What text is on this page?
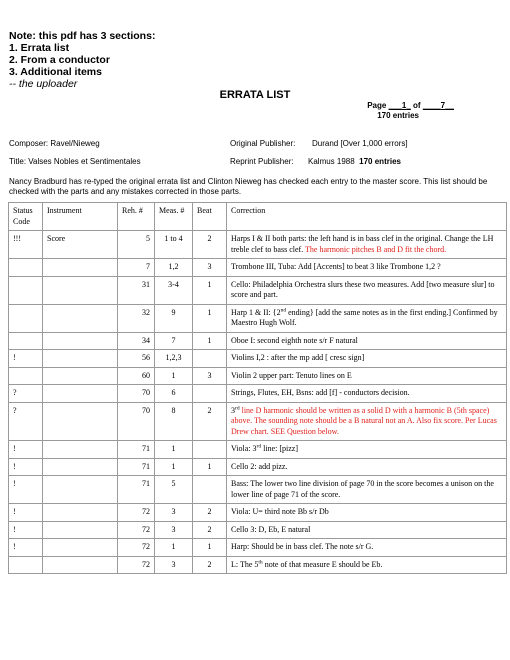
Note: this pdf has 3 sections:
1. Errata list
2. From a conductor
3. Additional items
-- the uploader
ERRATA LIST
Page ___1_ of ____7__
170 entries
Composer: Ravel/Nieweg
Title: Valses Nobles et Sentimentales
Original Publisher: Durand [Over 1,000 errors]
Reprint Publisher: Kalmus 1988 170 entries
Nancy Bradburd has re-typed the original errata list and Clinton Nieweg has checked each entry to the master score. This list should be checked with the parts and any mistakes corrected in those parts.
Status Code	Instrument	Reh. #	Meas. #	Beat	Correction
!!!	Score	5	1 to 4	2	Harps I & II both parts: the left hand is in bass clef in the original. Change the LH treble clef to bass clef. The harmonic pitches B and D fit the chord.
		7	1,2	3	Trombone III, Tuba: Add [Accents] to beat 3 like Trombone 1,2 ?
		31	3-4	1	Cello: Philadelphia Orchestra slurs these two measures. Add [two measure slur] to score and part.
		32	9	1	Harp 1 & II: {2nd ending} [add the same notes as in the first ending.] Confirmed by Maestro Hugh Wolf.
		34	7	1	Oboe I: second eighth note s/r F natural
!		56	1,2,3		Violins I,2 : after the mp add [ cresc sign]
		60	1	3	Violin 2 upper part: Tenuto lines on E
?		70	6		Strings, Flutes, EH, Bsns: add [f] - conductors decision.
?		70	8	2	3rd line D harmonic should be written as a solid D with a harmonic B (5th space) above. The sounding note should be a B natural not an A. Also fix score. Per Lucas Drew chart. SEE Question below.
!		71	1		Viola: 3rd line: [pizz]
!		71	1	1	Cello 2: add pizz.
!		71	5		Bass: The lower two line division of page 70 in the score becomes a unison on the lower line of page 71 of the score.
!		72	3	2	Viola: U= third note Bb s/r Db
!		72	3	2	Cello 3: D, Eb, E natural
!		72	1	1	Harp: Should be in bass clef. The note s/r G.
		72	3	2	L: The 5th note of that measure E should be Eb.
